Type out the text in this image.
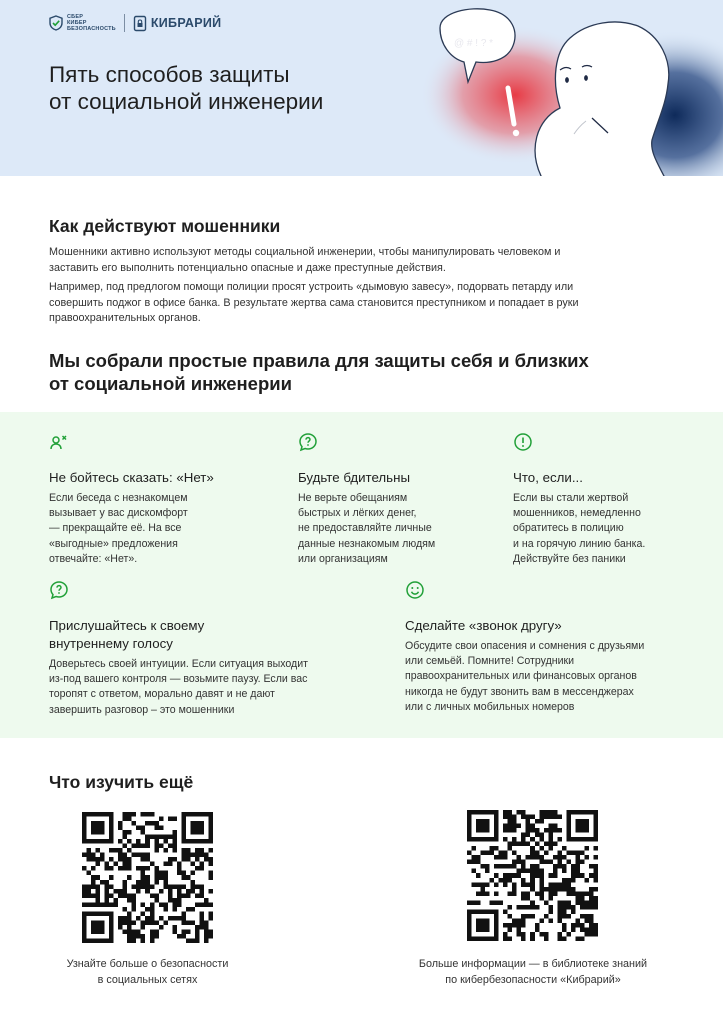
СБЕР
КИБЕР
БЕЗОПАСНОСТЬ	КИБРАРИЙ
Пять способов защиты
от социальной инженерии
@ # ! ? *
Как действуют мошенники

Мошенники активно используют методы социальной инженерии, чтобы манипулировать человеком и заставить его выполнить потенциально опасные и даже преступные действия.

Например, под предлогом помощи полиции просят устроить «дымовую завесу», подорвать петарду или совершить поджог в офисе банка. В результате жертва сама становится преступником и попадает в руки правоохранительных органов.

Мы собрали простые правила для защиты себя и близких
от социальной инженерии
Не бойтесь сказать: «Нет»
Если беседа с незнакомцем
вызывает у вас дискомфорт
— прекращайте её. На все
«выгодные» предложения
отвечайте: «Нет».
Будьте бдительны
Не верьте обещаниям
быстрых и лёгких денег,
не предоставляйте личные
данные незнакомым людям
или организациям
Что, если...
Если вы стали жертвой
мошенников, немедленно
обратитесь в полицию
и на горячую линию банка.
Действуйте без паники
Прислушайтесь к своему
внутреннему голосу
Доверьтесь своей интуиции. Если ситуация выходит
из-под вашего контроля — возьмите паузу. Если вас
торопят с ответом, морально давят и не дают
завершить разговор – это мошенники
Сделайте «звонок другу»
Обсудите свои опасения и сомнения с друзьями
или семьёй. Помните! Сотрудники
правоохранительных или финансовых органов
никогда не будут звонить вам в мессенджерах
или с личных мобильных номеров
Что изучить ещё
Узнайте больше о безопасности
в социальных сетях
Больше информации — в библиотеке знаний
по кибербезопасности «Кибрарий»
